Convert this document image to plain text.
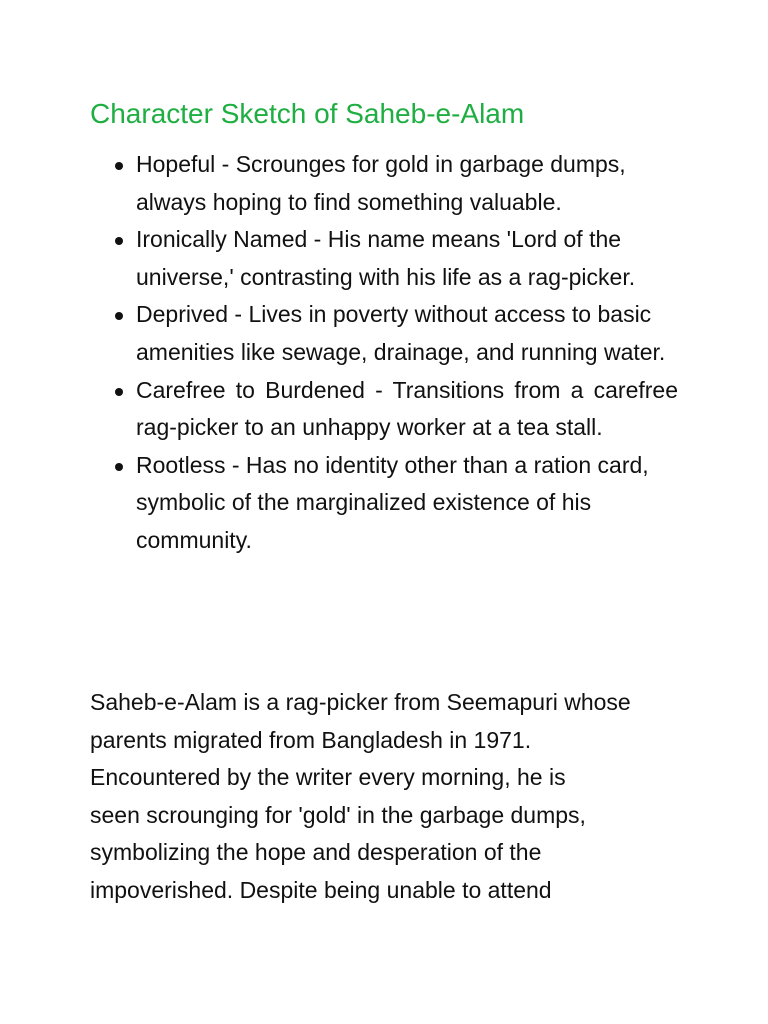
Character Sketch of Saheb-e-Alam
Hopeful - Scrounges for gold in garbage dumps, always hoping to find something valuable.
Ironically Named - His name means 'Lord of the universe,' contrasting with his life as a rag-picker.
Deprived - Lives in poverty without access to basic amenities like sewage, drainage, and running water.
Carefree to Burdened - Transitions from a carefree rag-picker to an unhappy worker at a tea stall.
Rootless - Has no identity other than a ration card, symbolic of the marginalized existence of his community.

Saheb-e-Alam is a rag-picker from Seemapuri whose
parents migrated from Bangladesh in 1971.
Encountered by the writer every morning, he is
seen scrounging for 'gold' in the garbage dumps,
symbolizing the hope and desperation of the
impoverished. Despite being unable to attend
